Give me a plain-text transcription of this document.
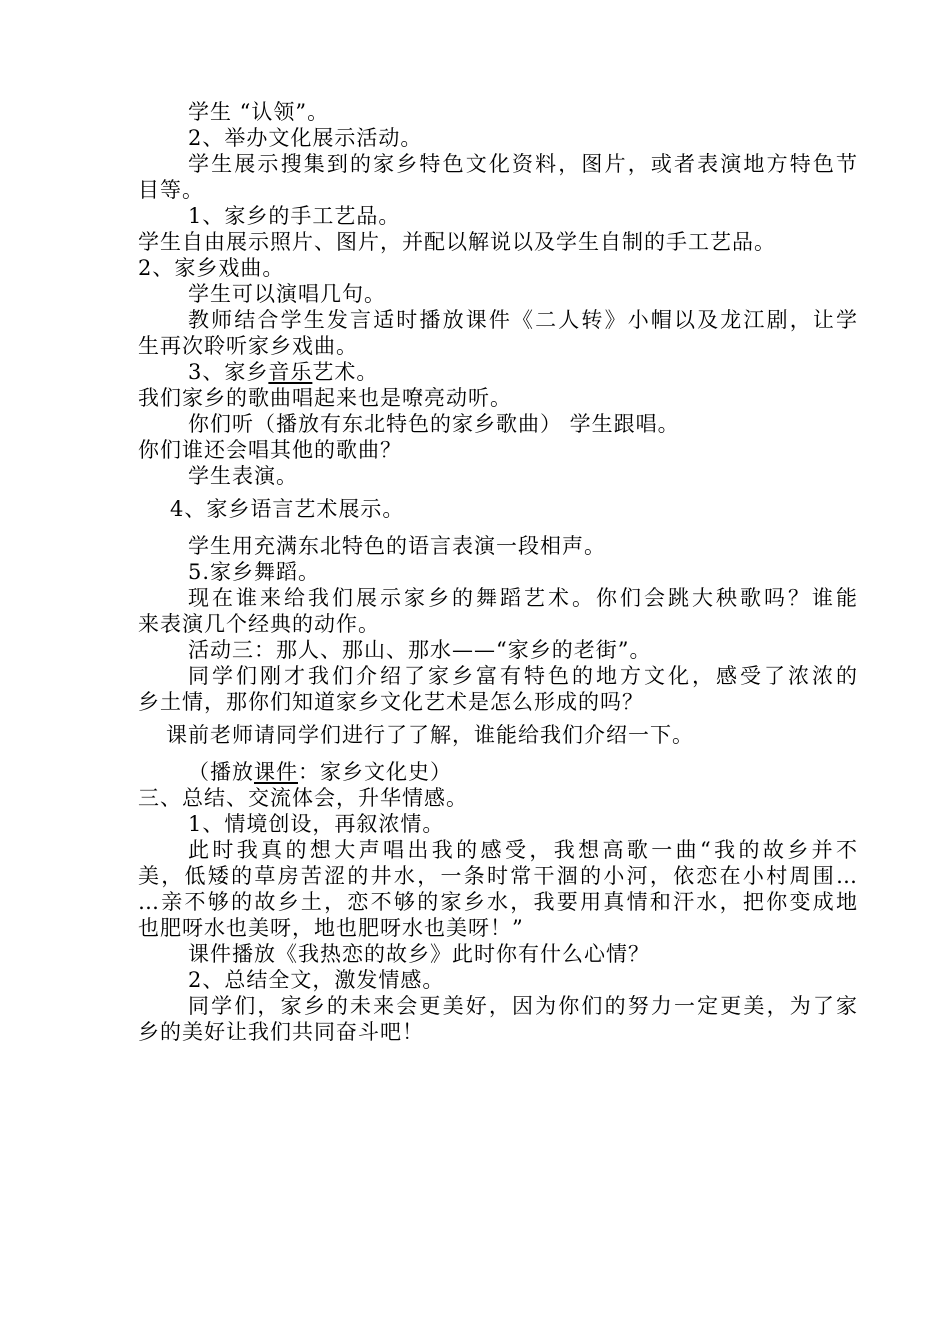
学生 “认领”。
2、举办文化展示活动。
学生展示搜集到的家乡特色文化资料，图片，或者表演地方特色节
目等。
1、家乡的手工艺品。
学生自由展示照片、图片，并配以解说以及学生自制的手工艺品。
2、家乡戏曲。
学生可以演唱几句。
教师结合学生发言适时播放课件《二人转》小帽以及龙江剧，让学
生再次聆听家乡戏曲。
3、家乡音乐艺术。
我们家乡的歌曲唱起来也是嘹亮动听。
你们听（播放有东北特色的家乡歌曲） 学生跟唱。
你们谁还会唱其他的歌曲？
学生表演。
4、家乡语言艺术展示。
学生用充满东北特色的语言表演一段相声。
5.家乡舞蹈。
现在谁来给我们展示家乡的舞蹈艺术。你们会跳大秧歌吗？谁能
来表演几个经典的动作。
活动三：那人、那山、那水——“家乡的老街”。
同学们刚才我们介绍了家乡富有特色的地方文化，感受了浓浓的
乡土情，那你们知道家乡文化艺术是怎么形成的吗？
课前老师请同学们进行了了解，谁能给我们介绍一下。
（播放课件：家乡文化史）
三、总结、交流体会，升华情感。
1、情境创设，再叙浓情。
此时我真的想大声唱出我的感受，我想高歌一曲“我的故乡并不
美，低矮的草房苦涩的井水，一条时常干涸的小河，依恋在小村周围…
…亲不够的故乡土，恋不够的家乡水，我要用真情和汗水，把你变成地
也肥呀水也美呀，地也肥呀水也美呀！”
课件播放《我热恋的故乡》此时你有什么心情？
2、总结全文，激发情感。
同学们，家乡的未来会更美好，因为你们的努力一定更美，为了家
乡的美好让我们共同奋斗吧！
